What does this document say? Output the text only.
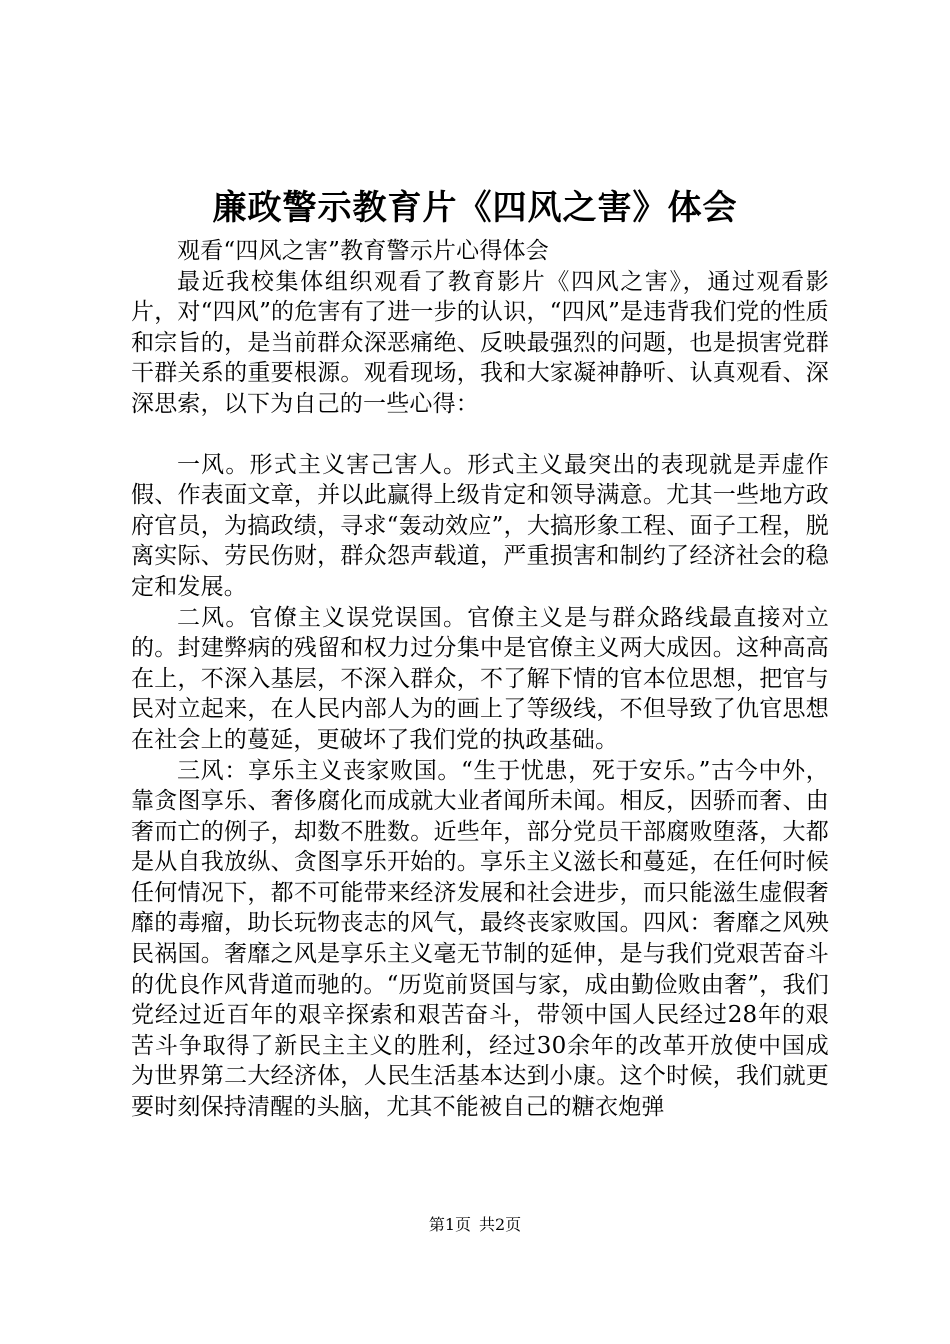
廉政警示教育片《四风之害》体会

观看“四风之害”教育警示片心得体会

最近我校集体组织观看了教育影片《四风之害》，通过观看影片，对“四风”的危害有了进一步的认识，“四风”是违背我们党的性质和宗旨的，是当前群众深恶痛绝、反映最强烈的问题，也是损害党群干群关系的重要根源。观看现场，我和大家凝神静听、认真观看、深深思索，以下为自己的一些心得：

一风。形式主义害己害人。形式主义最突出的表现就是弄虚作假、作表面文章，并以此赢得上级肯定和领导满意。尤其一些地方政府官员，为搞政绩，寻求“轰动效应”，大搞形象工程、面子工程，脱离实际、劳民伤财，群众怨声载道，严重损害和制约了经济社会的稳定和发展。

二风。官僚主义误党误国。官僚主义是与群众路线最直接对立的。封建弊病的残留和权力过分集中是官僚主义两大成因。这种高高在上，不深入基层，不深入群众，不了解下情的官本位思想，把官与民对立起来，在人民内部人为的画上了等级线，不但导致了仇官思想在社会上的蔓延，更破坏了我们党的执政基础。

三风：享乐主义丧家败国。“生于忧患，死于安乐。”古今中外，靠贪图享乐、奢侈腐化而成就大业者闻所未闻。相反，因骄而奢、由奢而亡的例子，却数不胜数。近些年，部分党员干部腐败堕落，大都是从自我放纵、贪图享乐开始的。享乐主义滋长和蔓延，在任何时候任何情况下，都不可能带来经济发展和社会进步，而只能滋生虚假奢靡的毒瘤，助长玩物丧志的风气，最终丧家败国。四风：奢靡之风殃民祸国。奢靡之风是享乐主义毫无节制的延伸，是与我们党艰苦奋斗的优良作风背道而驰的。“历览前贤国与家，成由勤俭败由奢”，我们党经过近百年的艰辛探索和艰苦奋斗，带领中国人民经过28年的艰苦斗争取得了新民主主义的胜利，经过30余年的改革开放使中国成为世界第二大经济体，人民生活基本达到小康。这个时候，我们就更要时刻保持清醒的头脑，尤其不能被自己的糖衣炮弹

第1页 共2页
